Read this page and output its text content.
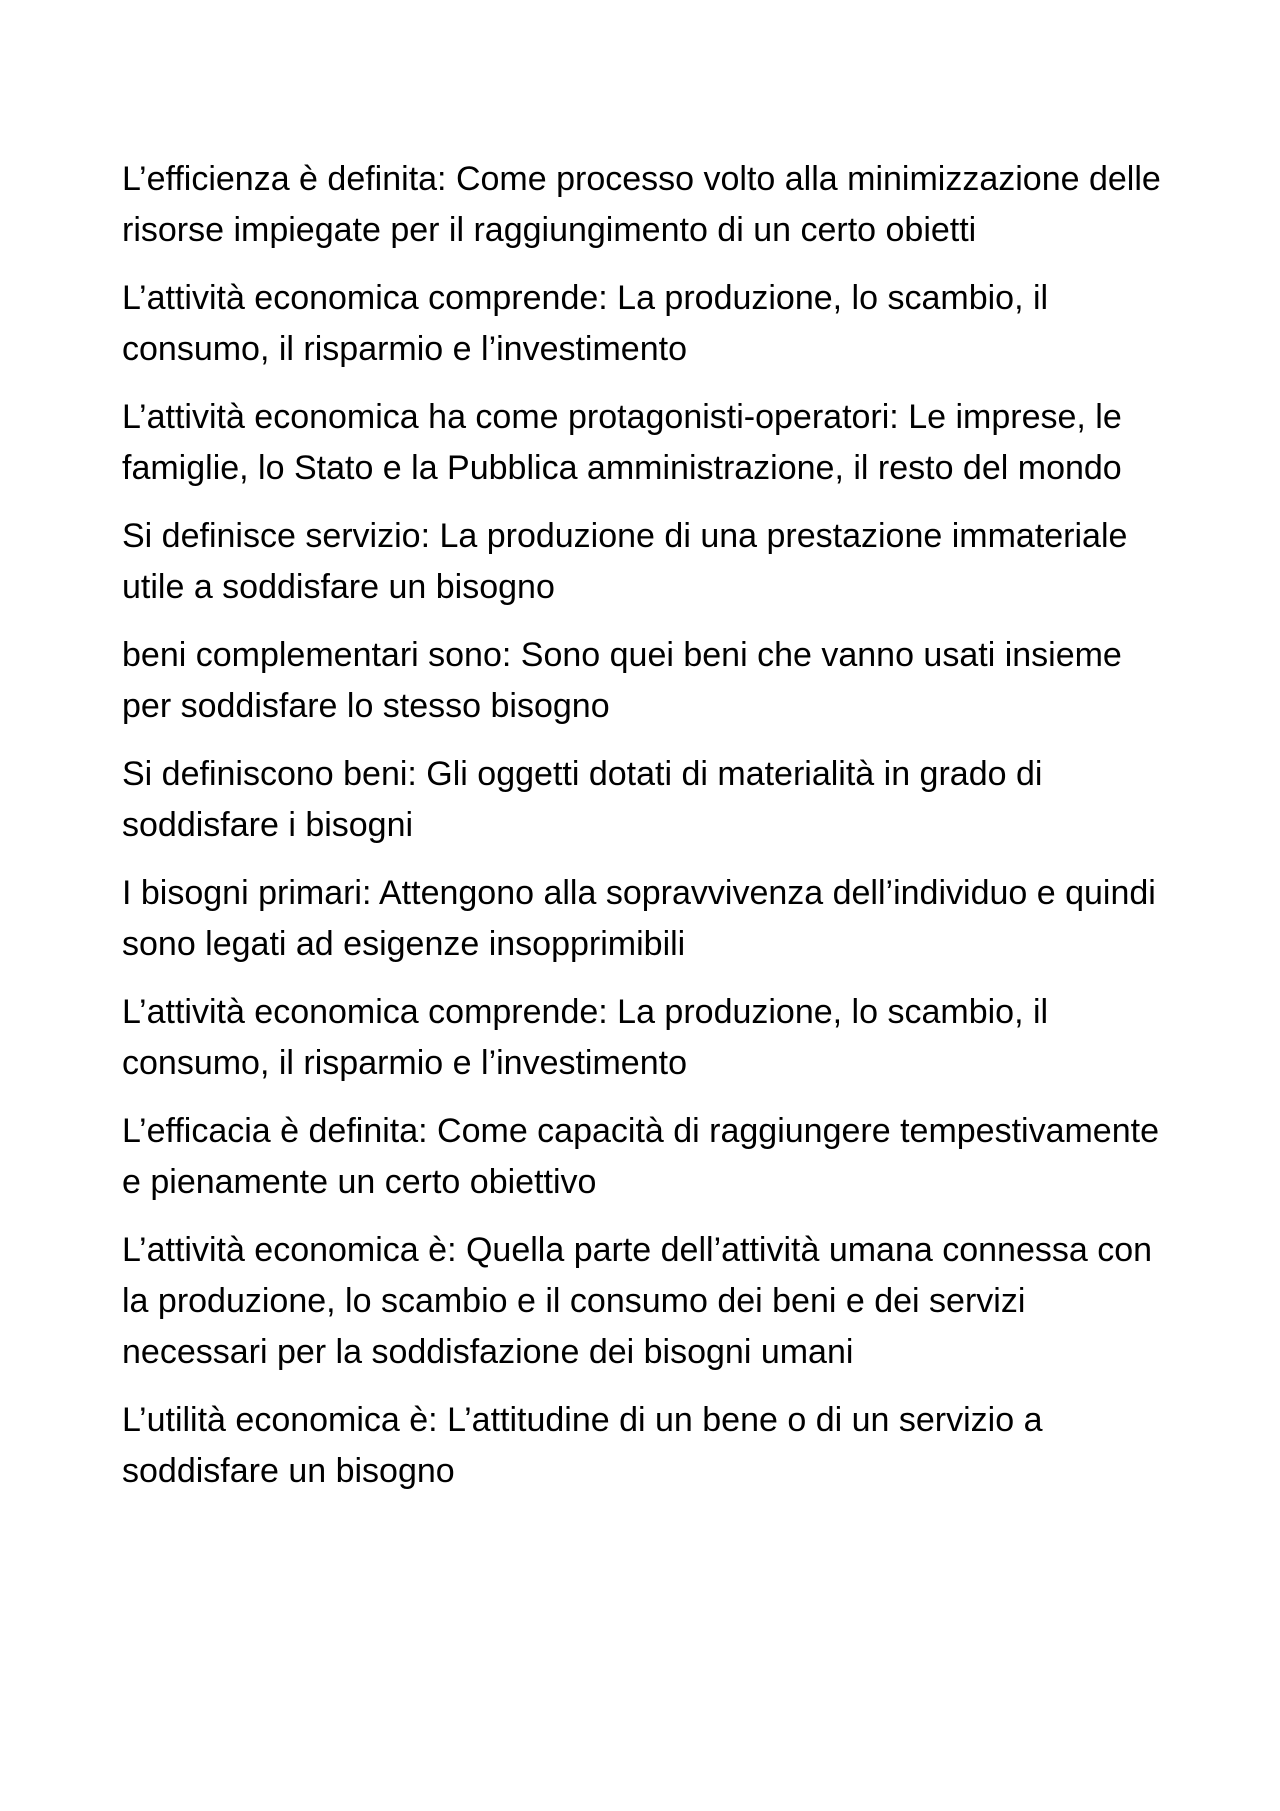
L’efficienza è definita: Come processo volto alla minimizzazione delle risorse impiegate per il raggiungimento di un certo obietti

L’attività economica comprende: La produzione, lo scambio, il consumo, il risparmio e l’investimento

L’attività economica ha come protagonisti-operatori: Le imprese, le famiglie, lo Stato e la Pubblica amministrazione, il resto del mondo

Si definisce servizio: La produzione di una prestazione immateriale utile a soddisfare un bisogno

beni complementari sono: Sono quei beni che vanno usati insieme per soddisfare lo stesso bisogno

Si definiscono beni: Gli oggetti dotati di materialità in grado di soddisfare i bisogni

I bisogni primari: Attengono alla sopravvivenza dell’individuo e quindi sono legati ad esigenze insopprimibili

L’attività economica comprende: La produzione, lo scambio, il consumo, il risparmio e l’investimento

L’efficacia è definita: Come capacità di raggiungere tempestivamente e pienamente un certo obiettivo

L’attività economica è: Quella parte dell’attività umana connessa con la produzione, lo scambio e il consumo dei beni e dei servizi necessari per la soddisfazione dei bisogni umani

L’utilità economica è: L’attitudine di un bene o di un servizio a soddisfare un bisogno
